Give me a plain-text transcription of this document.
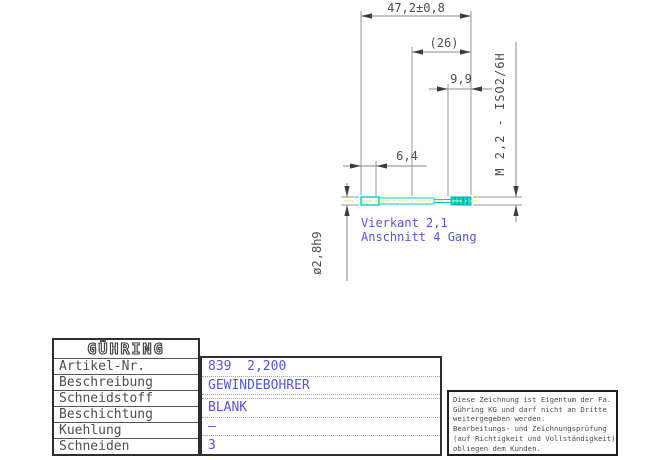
47,2±0,8
(26)
9,9
6,4
ø2,8h9
M 2,2 - ISO2/6H
Vierkant 2,1
Anschnitt 4 Gang
GÜHRING
Artikel-Nr.
Beschreibung
Schneidstoff
Beschichtung
Kuehlung
Schneiden
839  2,200
GEWINDEBOHRER
BLANK
–
3
Diese Zeichnung ist Eigentum der Fa.
Gühring KG und darf nicht an Dritte
weitergegeben werden.
Bearbeitungs- und Zeichnungsprüfung
(auf Richtigkeit und Vollständigkeit)
obliegen dem Kunden.
